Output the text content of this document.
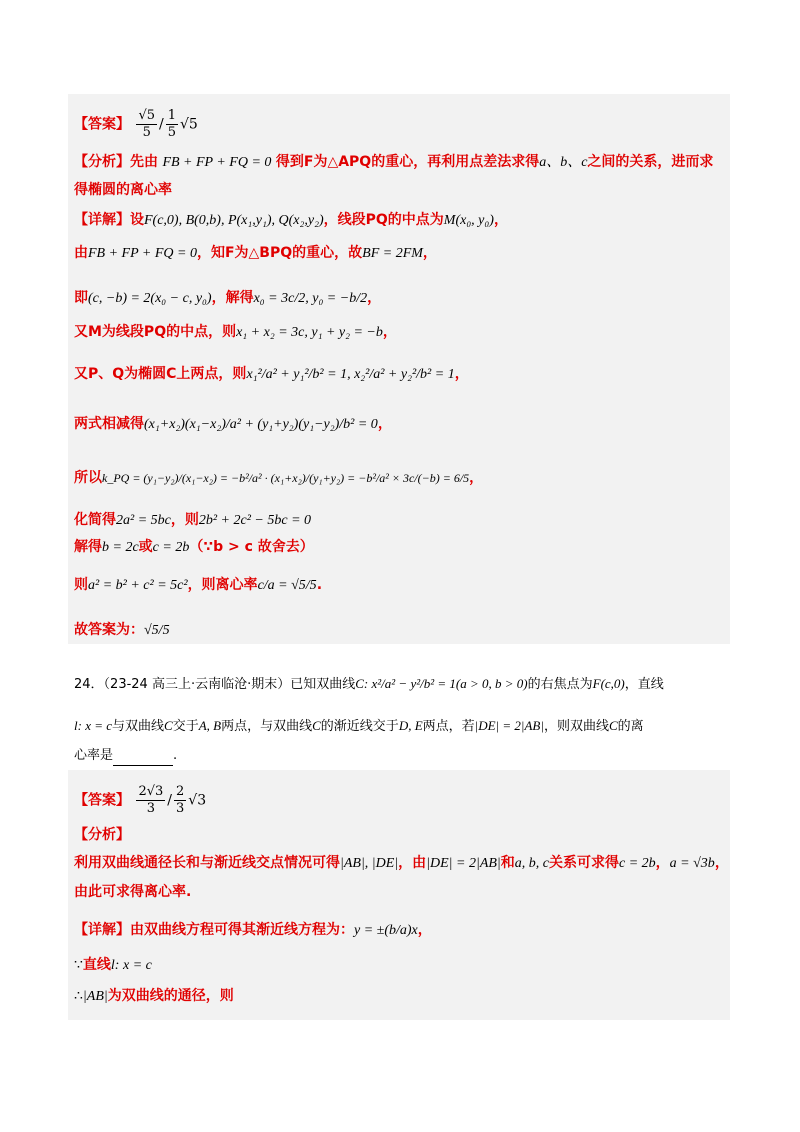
【答案】 $\frac{√5}{5} / \frac{1}{5} √5$
【分析】先由 FB + FP + FQ = 0 得到F为△APQ的重心，再利用点差法求得a、b、c之间的关系，进而求
得椭圆的离心率
【详解】设F(c,0), B(0,b), P(x₁,y₁), Q(x₂,y₂)，线段PQ的中点为M(x₀, y₀)，
由FB + FP + FQ = 0，知F为△BPQ的重心，故BF = 2FM，
即(c, −b) = 2(x₀ − c, y₀)，解得x₀ = 3c/2, y₀ = −b/2，
又M为线段PQ的中点，则x₁ + x₂ = 3c, y₁ + y₂ = −b，
又P、Q为椭圆C上两点，则x₁²/a² + y₁²/b² = 1, x₂²/a² + y₂²/b² = 1，
两式相减得(x₁+x₂)(x₁−x₂)/a² + (y₁+y₂)(y₁−y₂)/b² = 0，
所以k_PQ = (y₁−y₂)/(x₁−x₂) = −b²/a² · (x₁+x₂)/(y₁+y₂) = −b²/a² × 3c/(−b) = 6/5，
化简得2a² = 5bc，则2b² + 2c² − 5bc = 0
解得b = 2c或c = 2b（∵b > c 故舍去）
则a² = b² + c² = 5c²，则离心率c/a = √5/5.
故答案为：√5/5
24．（23-24 高三上·云南临沧·期末）已知双曲线C: x²/a² − y²/b² = 1(a > 0, b > 0)的右焦点为F(c,0)，直线
l: x = c与双曲线C交于A, B两点，与双曲线C的渐近线交于D, E两点，若|DE| = 2|AB|，则双曲线C的离
心率是	.
【答案】 $\frac{2√3}{3} / \frac{2}{3} √3$
【分析】
利用双曲线通径长和与渐近线交点情况可得|AB|, |DE|，由|DE| = 2|AB|和a, b, c关系可求得c = 2b，a = √3b，
由此可求得离心率.
【详解】由双曲线方程可得其渐近线方程为：y = ±(b/a)x，
∵直线l: x = c
∴|AB|为双曲线的通径，则
